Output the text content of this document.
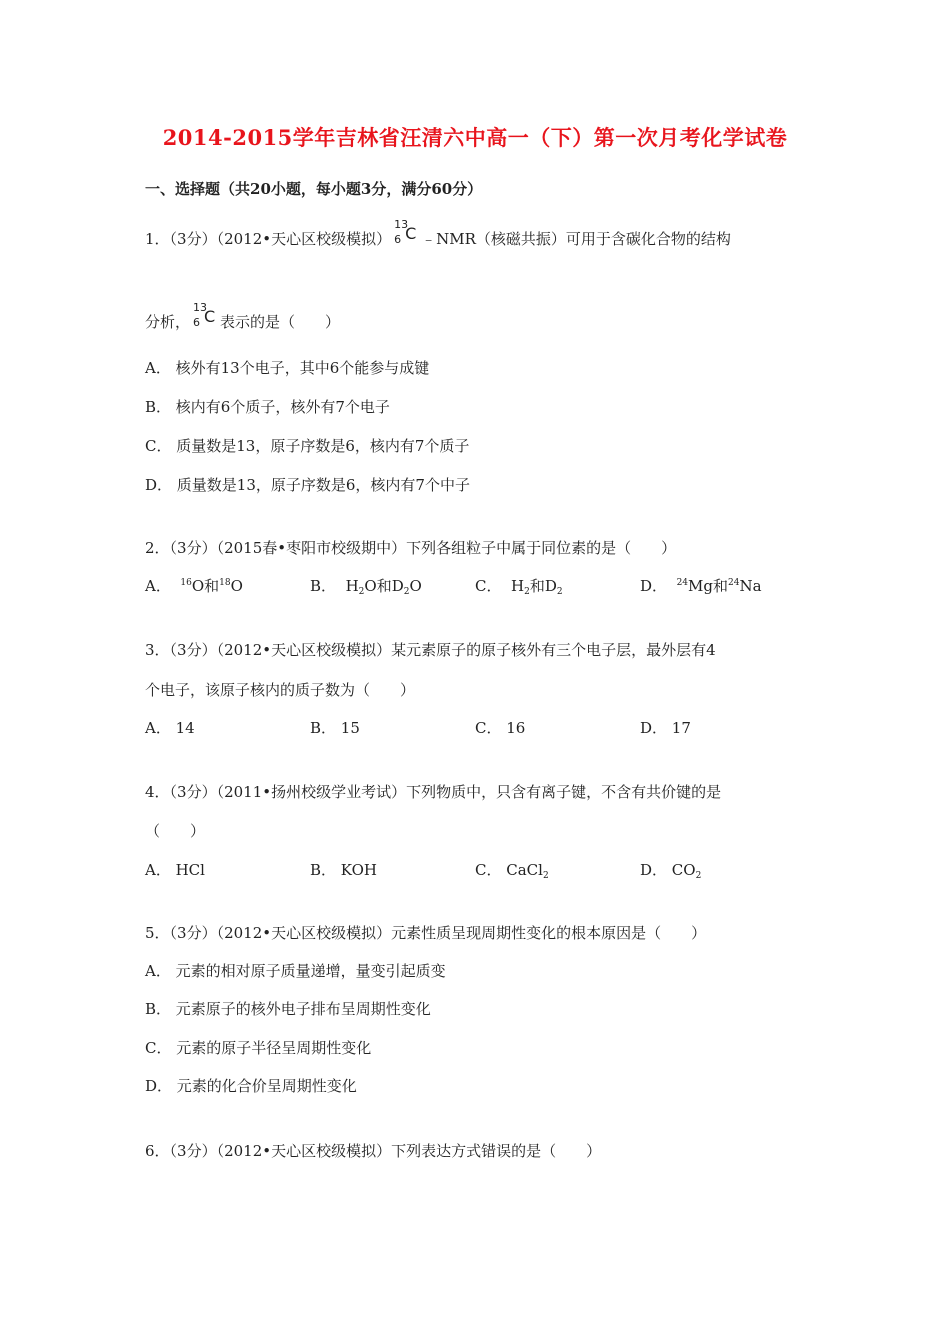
2014-2015学年吉林省汪清六中高一（下）第一次月考化学试卷
一、选择题（共20小题，每小题3分，满分60分）
1．（3分）（2012•天心区校级模拟）
13
6 C ﹣NMR（核磁共振）可用于含碳化合物的结构
分析，
13
6 C 表示的是（　　）
A． 核外有13个电子，其中6个能参与成键
B． 核内有6个质子，核外有7个电子
C． 质量数是13，原子序数是6，核内有7个质子
D． 质量数是13，原子序数是6，核内有7个中子
2．（3分）（2015春•枣阳市校级期中）下列各组粒子中属于同位素的是（　　）
A． $^{16}$O和$^{18}$O	B． $H_2O$和$D_2O$	C． $H_2$和$D_2$	D． $^{24}$Mg和$^{24}$Na
3．（3分）（2012•天心区校级模拟）某元素原子的原子核外有三个电子层，最外层有4
个电子，该原子核内的质子数为（　　）
A． 14	B． 15	C． 16	D． 17
4．（3分）（2011•扬州校级学业考试）下列物质中，只含有离子键，不含有共价键的是
（　　）
A． HCl	B． KOH	C． CaCl$_2$	D． $CO_2$
5．（3分）（2012•天心区校级模拟）元素性质呈现周期性变化的根本原因是（　　）
A． 元素的相对原子质量递增，量变引起质变
B． 元素原子的核外电子排布呈周期性变化
C． 元素的原子半径呈周期性变化
D． 元素的化合价呈周期性变化
6．（3分）（2012•天心区校级模拟）下列表达方式错误的是（　　）
